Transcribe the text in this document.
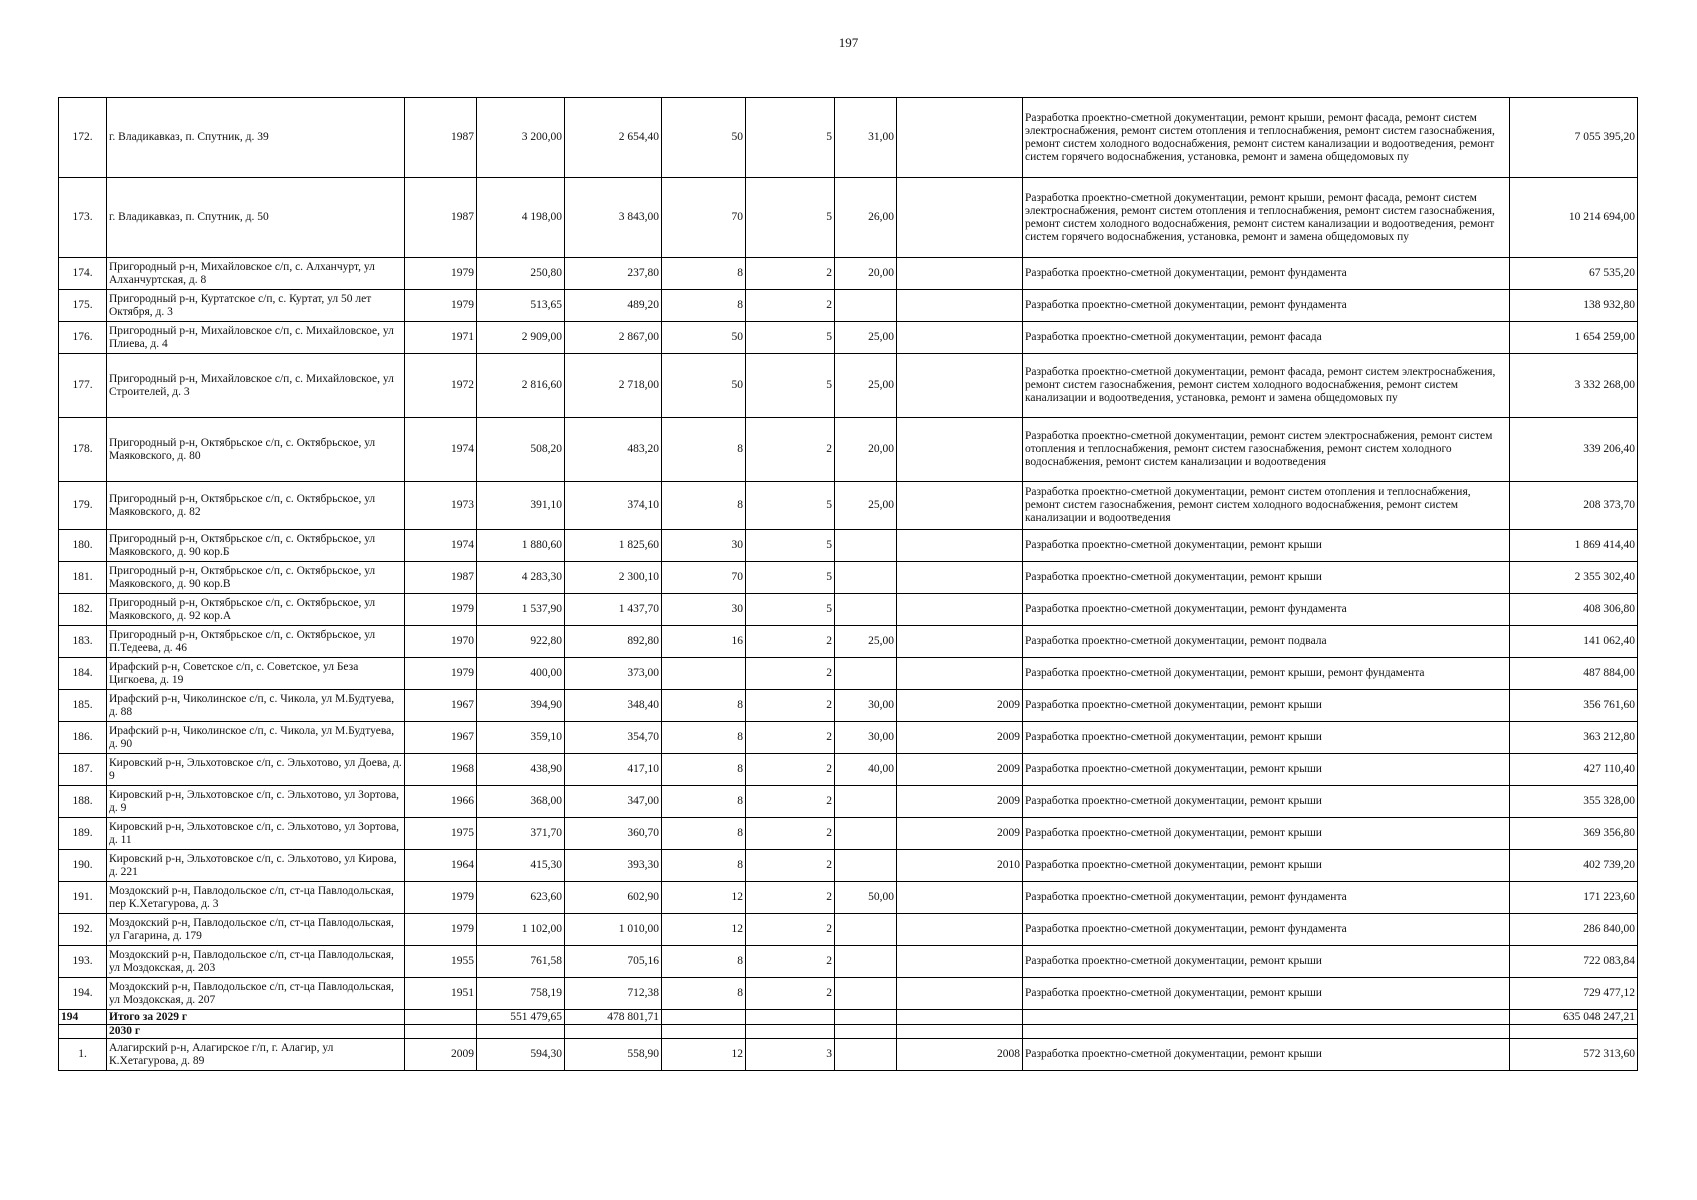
197
172.	г. Владикавказ, п. Спутник, д. 39	1987	3 200,00	2 654,40	50	5	31,00		Разработка проектно-сметной документации, ремонт крыши, ремонт фасада, ремонт систем электроснабжения, ремонт систем отопления и теплоснабжения, ремонт систем газоснабжения, ремонт систем холодного водоснабжения, ремонт систем канализации и водоотведения, ремонт систем горячего водоснабжения, установка, ремонт и замена общедомовых пу	7 055 395,20
173.	г. Владикавказ, п. Спутник, д. 50	1987	4 198,00	3 843,00	70	5	26,00		Разработка проектно-сметной документации, ремонт крыши, ремонт фасада, ремонт систем электроснабжения, ремонт систем отопления и теплоснабжения, ремонт систем газоснабжения, ремонт систем холодного водоснабжения, ремонт систем канализации и водоотведения, ремонт систем горячего водоснабжения, установка, ремонт и замена общедомовых пу	10 214 694,00
174.	Пригородный р-н, Михайловское с/п, с. Алханчурт, ул Алханчуртская, д. 8	1979	250,80	237,80	8	2	20,00		Разработка проектно-сметной документации, ремонт фундамента	67 535,20
175.	Пригородный р-н, Куртатское с/п, с. Куртат, ул 50 лет Октября, д. 3	1979	513,65	489,20	8	2			Разработка проектно-сметной документации, ремонт фундамента	138 932,80
176.	Пригородный р-н, Михайловское с/п, с. Михайловское, ул Плиева, д. 4	1971	2 909,00	2 867,00	50	5	25,00		Разработка проектно-сметной документации, ремонт фасада	1 654 259,00
177.	Пригородный р-н, Михайловское с/п, с. Михайловское, ул Строителей, д. 3	1972	2 816,60	2 718,00	50	5	25,00		Разработка проектно-сметной документации, ремонт фасада, ремонт систем электроснабжения, ремонт систем газоснабжения, ремонт систем холодного водоснабжения, ремонт систем канализации и водоотведения, установка, ремонт и замена общедомовых пу	3 332 268,00
178.	Пригородный р-н, Октябрьское с/п, с. Октябрьское, ул Маяковского, д. 80	1974	508,20	483,20	8	2	20,00		Разработка проектно-сметной документации, ремонт систем электроснабжения, ремонт систем отопления и теплоснабжения, ремонт систем газоснабжения, ремонт систем холодного водоснабжения, ремонт систем канализации и водоотведения	339 206,40
179.	Пригородный р-н, Октябрьское с/п, с. Октябрьское, ул Маяковского, д. 82	1973	391,10	374,10	8	5	25,00		Разработка проектно-сметной документации, ремонт систем отопления и теплоснабжения, ремонт систем газоснабжения, ремонт систем холодного водоснабжения, ремонт систем канализации и водоотведения	208 373,70
180.	Пригородный р-н, Октябрьское с/п, с. Октябрьское, ул Маяковского, д. 90 кор.Б	1974	1 880,60	1 825,60	30	5			Разработка проектно-сметной документации, ремонт крыши	1 869 414,40
181.	Пригородный р-н, Октябрьское с/п, с. Октябрьское, ул Маяковского, д. 90 кор.В	1987	4 283,30	2 300,10	70	5			Разработка проектно-сметной документации, ремонт крыши	2 355 302,40
182.	Пригородный р-н, Октябрьское с/п, с. Октябрьское, ул Маяковского, д. 92 кор.А	1979	1 537,90	1 437,70	30	5			Разработка проектно-сметной документации, ремонт фундамента	408 306,80
183.	Пригородный р-н, Октябрьское с/п, с. Октябрьское, ул П.Тедеева, д. 46	1970	922,80	892,80	16	2	25,00		Разработка проектно-сметной документации, ремонт подвала	141 062,40
184.	Ирафский р-н, Советское с/п, с. Советское, ул Беза Цигкоева, д. 19	1979	400,00	373,00		2			Разработка проектно-сметной документации, ремонт крыши, ремонт фундамента	487 884,00
185.	Ирафский р-н, Чиколинское с/п, с. Чикола, ул М.Будтуева, д. 88	1967	394,90	348,40	8	2	30,00	2009	Разработка проектно-сметной документации, ремонт крыши	356 761,60
186.	Ирафский р-н, Чиколинское с/п, с. Чикола, ул М.Будтуева, д. 90	1967	359,10	354,70	8	2	30,00	2009	Разработка проектно-сметной документации, ремонт крыши	363 212,80
187.	Кировский р-н, Эльхотовское с/п, с. Эльхотово, ул Доева, д. 9	1968	438,90	417,10	8	2	40,00	2009	Разработка проектно-сметной документации, ремонт крыши	427 110,40
188.	Кировский р-н, Эльхотовское с/п, с. Эльхотово, ул Зортова, д. 9	1966	368,00	347,00	8	2		2009	Разработка проектно-сметной документации, ремонт крыши	355 328,00
189.	Кировский р-н, Эльхотовское с/п, с. Эльхотово, ул Зортова, д. 11	1975	371,70	360,70	8	2		2009	Разработка проектно-сметной документации, ремонт крыши	369 356,80
190.	Кировский р-н, Эльхотовское с/п, с. Эльхотово, ул Кирова, д. 221	1964	415,30	393,30	8	2		2010	Разработка проектно-сметной документации, ремонт крыши	402 739,20
191.	Моздокский р-н, Павлодольское с/п, ст-ца Павлодольская, пер К.Хетагурова, д. 3	1979	623,60	602,90	12	2	50,00		Разработка проектно-сметной документации, ремонт фундамента	171 223,60
192.	Моздокский р-н, Павлодольское с/п, ст-ца Павлодольская, ул Гагарина, д. 179	1979	1 102,00	1 010,00	12	2			Разработка проектно-сметной документации, ремонт фундамента	286 840,00
193.	Моздокский р-н, Павлодольское с/п, ст-ца Павлодольская, ул Моздокская, д. 203	1955	761,58	705,16	8	2			Разработка проектно-сметной документации, ремонт крыши	722 083,84
194.	Моздокский р-н, Павлодольское с/п, ст-ца Павлодольская, ул Моздокская, д. 207	1951	758,19	712,38	8	2			Разработка проектно-сметной документации, ремонт крыши	729 477,12
194	Итого за 2029 г		551 479,65	478 801,71						635 048 247,21
	2030 г									
1.	Алагирский р-н, Алагирское г/п, г. Алагир, ул К.Хетагурова, д. 89	2009	594,30	558,90	12	3		2008	Разработка проектно-сметной документации, ремонт крыши	572 313,60
